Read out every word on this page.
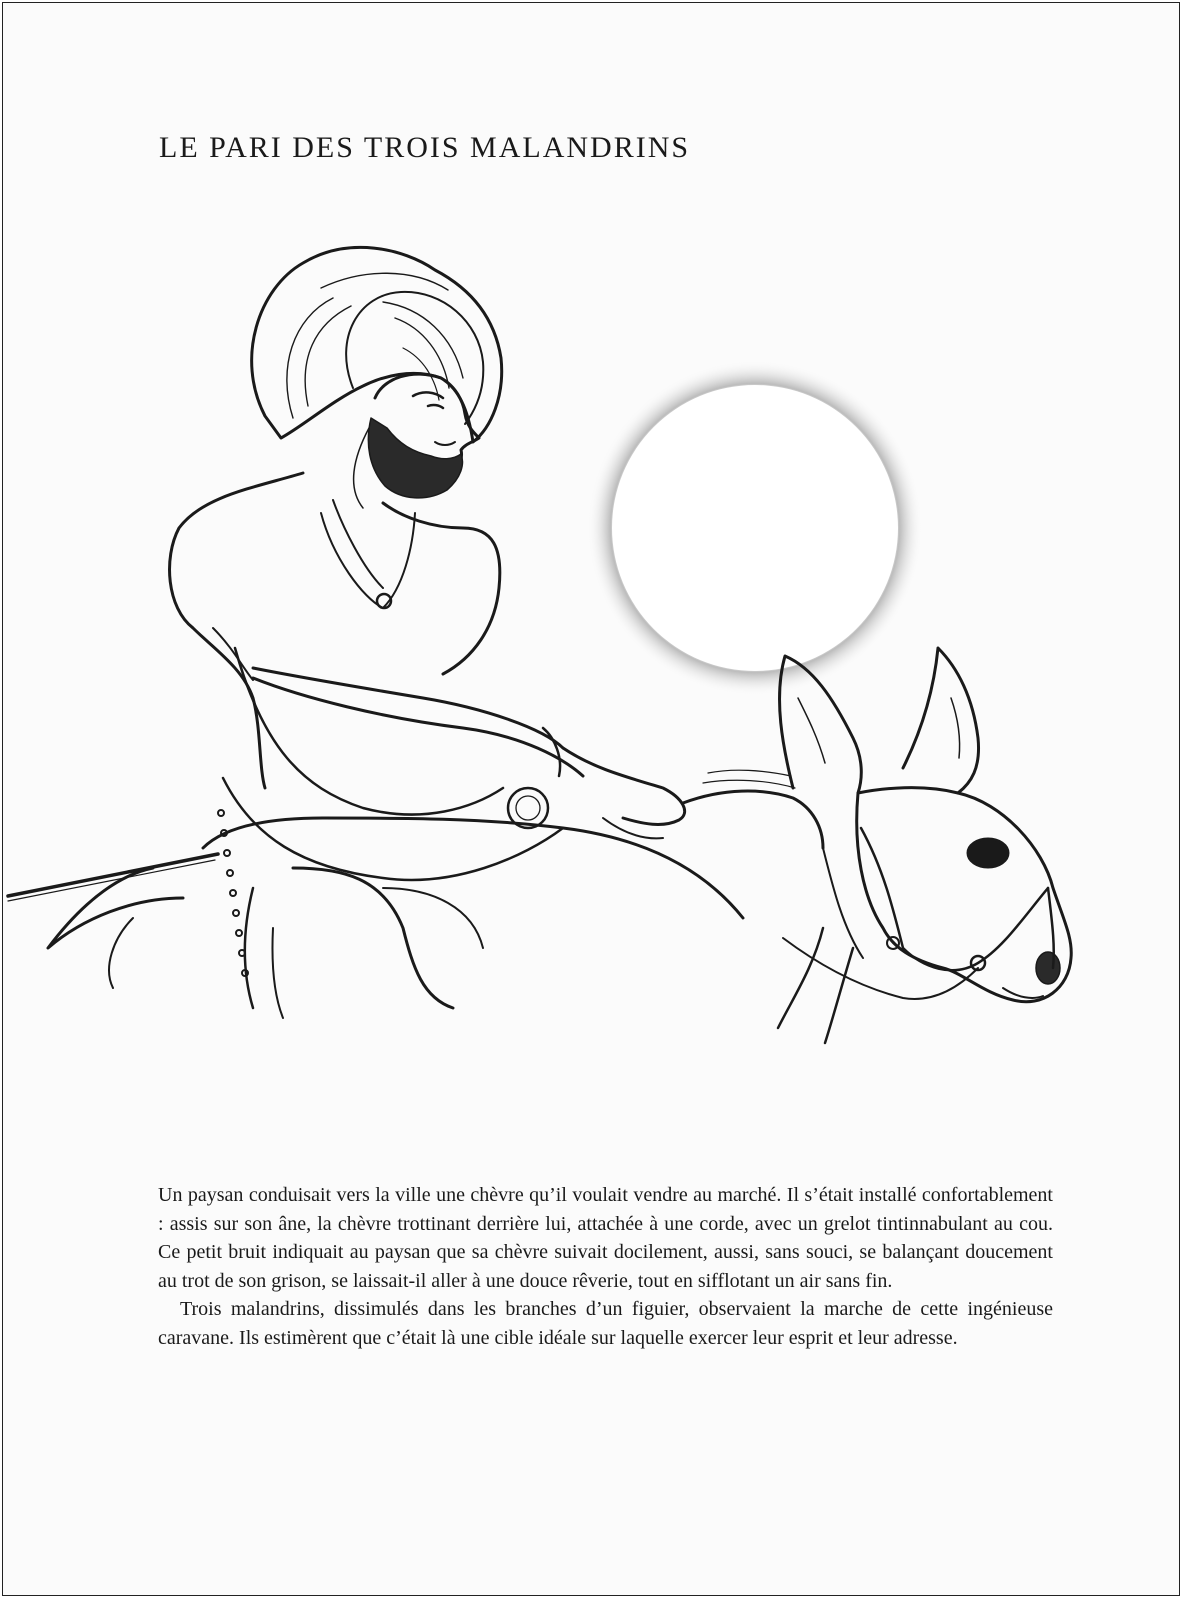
LE PARI DES TROIS MALANDRINS

Un paysan conduisait vers la ville une chèvre qu’il voulait vendre au marché. Il s’était installé confortablement : assis sur son âne, la chèvre trottinant derrière lui, attachée à une corde, avec un grelot tintinnabulant au cou. Ce petit bruit indiquait au paysan que sa chèvre suivait docilement, aussi, sans souci, se balançant doucement au trot de son grison, se laissait-il aller à une douce rêverie, tout en sifflotant un air sans fin.

Trois malandrins, dissimulés dans les branches d’un figuier, observaient la marche de cette ingénieuse caravane. Ils estimèrent que c’était là une cible idéale sur laquelle exercer leur esprit et leur adresse.
